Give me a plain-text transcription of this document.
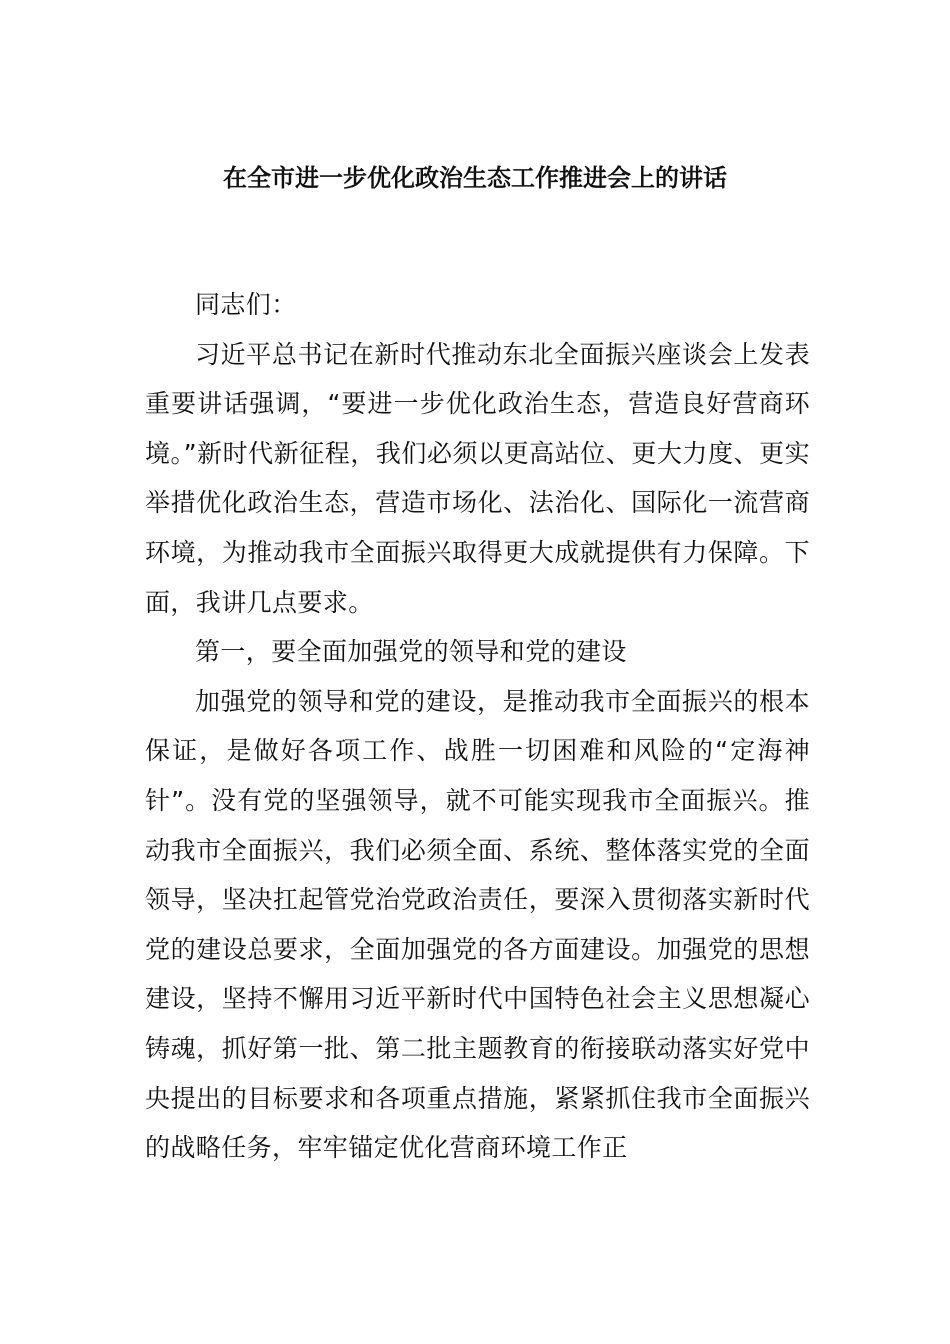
在全市进一步优化政治生态工作推进会上的讲话

同志们：

习近平总书记在新时代推动东北全面振兴座谈会上发表重要讲话强调，“要进一步优化政治生态，营造良好营商环境。”新时代新征程，我们必须以更高站位、更大力度、更实举措优化政治生态，营造市场化、法治化、国际化一流营商环境，为推动我市全面振兴取得更大成就提供有力保障。下面，我讲几点要求。

第一，要全面加强党的领导和党的建设

加强党的领导和党的建设，是推动我市全面振兴的根本保证，是做好各项工作、战胜一切困难和风险的“定海神针”。没有党的坚强领导，就不可能实现我市全面振兴。推动我市全面振兴，我们必须全面、系统、整体落实党的全面领导，坚决扛起管党治党政治责任，要深入贯彻落实新时代党的建设总要求，全面加强党的各方面建设。加强党的思想建设，坚持不懈用习近平新时代中国特色社会主义思想凝心铸魂，抓好第一批、第二批主题教育的衔接联动落实好党中央提出的目标要求和各项重点措施，紧紧抓住我市全面振兴的战略任务，牢牢锚定优化营商环境工作正
